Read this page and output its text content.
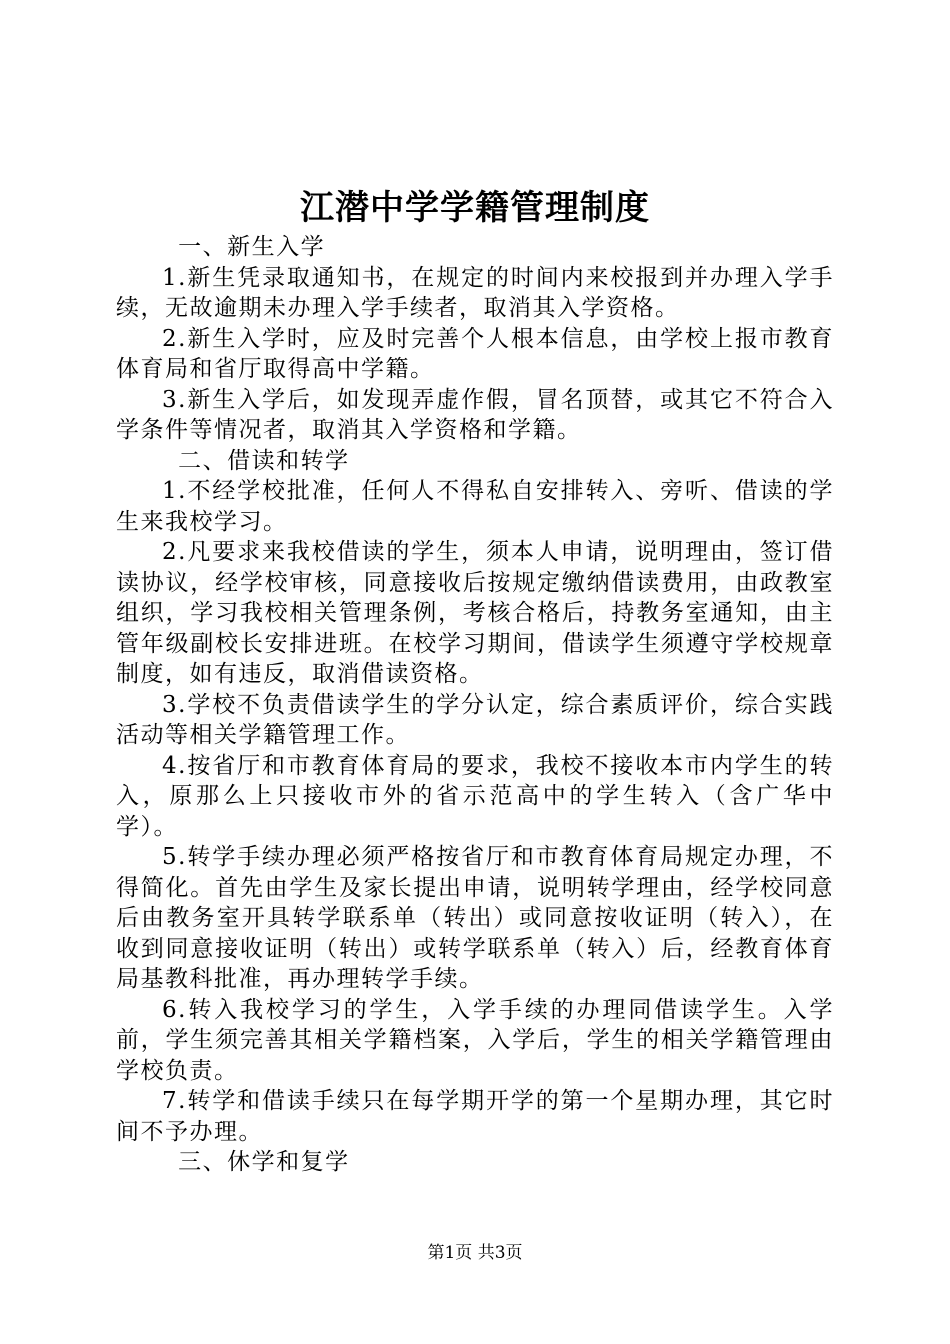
江潜中学学籍管理制度

一、新生入学

1.新生凭录取通知书，在规定的时间内来校报到并办理入学手续，无故逾期未办理入学手续者，取消其入学资格。

2.新生入学时，应及时完善个人根本信息，由学校上报市教育体育局和省厅取得高中学籍。

3.新生入学后，如发现弄虚作假，冒名顶替，或其它不符合入学条件等情况者，取消其入学资格和学籍。

二、借读和转学

1.不经学校批准，任何人不得私自安排转入、旁听、借读的学生来我校学习。

2.凡要求来我校借读的学生，须本人申请，说明理由，签订借读协议，经学校审核，同意接收后按规定缴纳借读费用，由政教室组织，学习我校相关管理条例，考核合格后，持教务室通知，由主管年级副校长安排进班。在校学习期间，借读学生须遵守学校规章制度，如有违反，取消借读资格。

3.学校不负责借读学生的学分认定，综合素质评价，综合实践活动等相关学籍管理工作。

4.按省厅和市教育体育局的要求，我校不接收本市内学生的转入，原那么上只接收市外的省示范高中的学生转入（含广华中学）。

5.转学手续办理必须严格按省厅和市教育体育局规定办理，不得简化。首先由学生及家长提出申请，说明转学理由，经学校同意后由教务室开具转学联系单（转出）或同意按收证明（转入），在收到同意接收证明（转出）或转学联系单（转入）后，经教育体育局基教科批准，再办理转学手续。

6.转入我校学习的学生，入学手续的办理同借读学生。入学前，学生须完善其相关学籍档案，入学后，学生的相关学籍管理由学校负责。

7.转学和借读手续只在每学期开学的第一个星期办理，其它时间不予办理。

三、休学和复学

第1页 共3页
